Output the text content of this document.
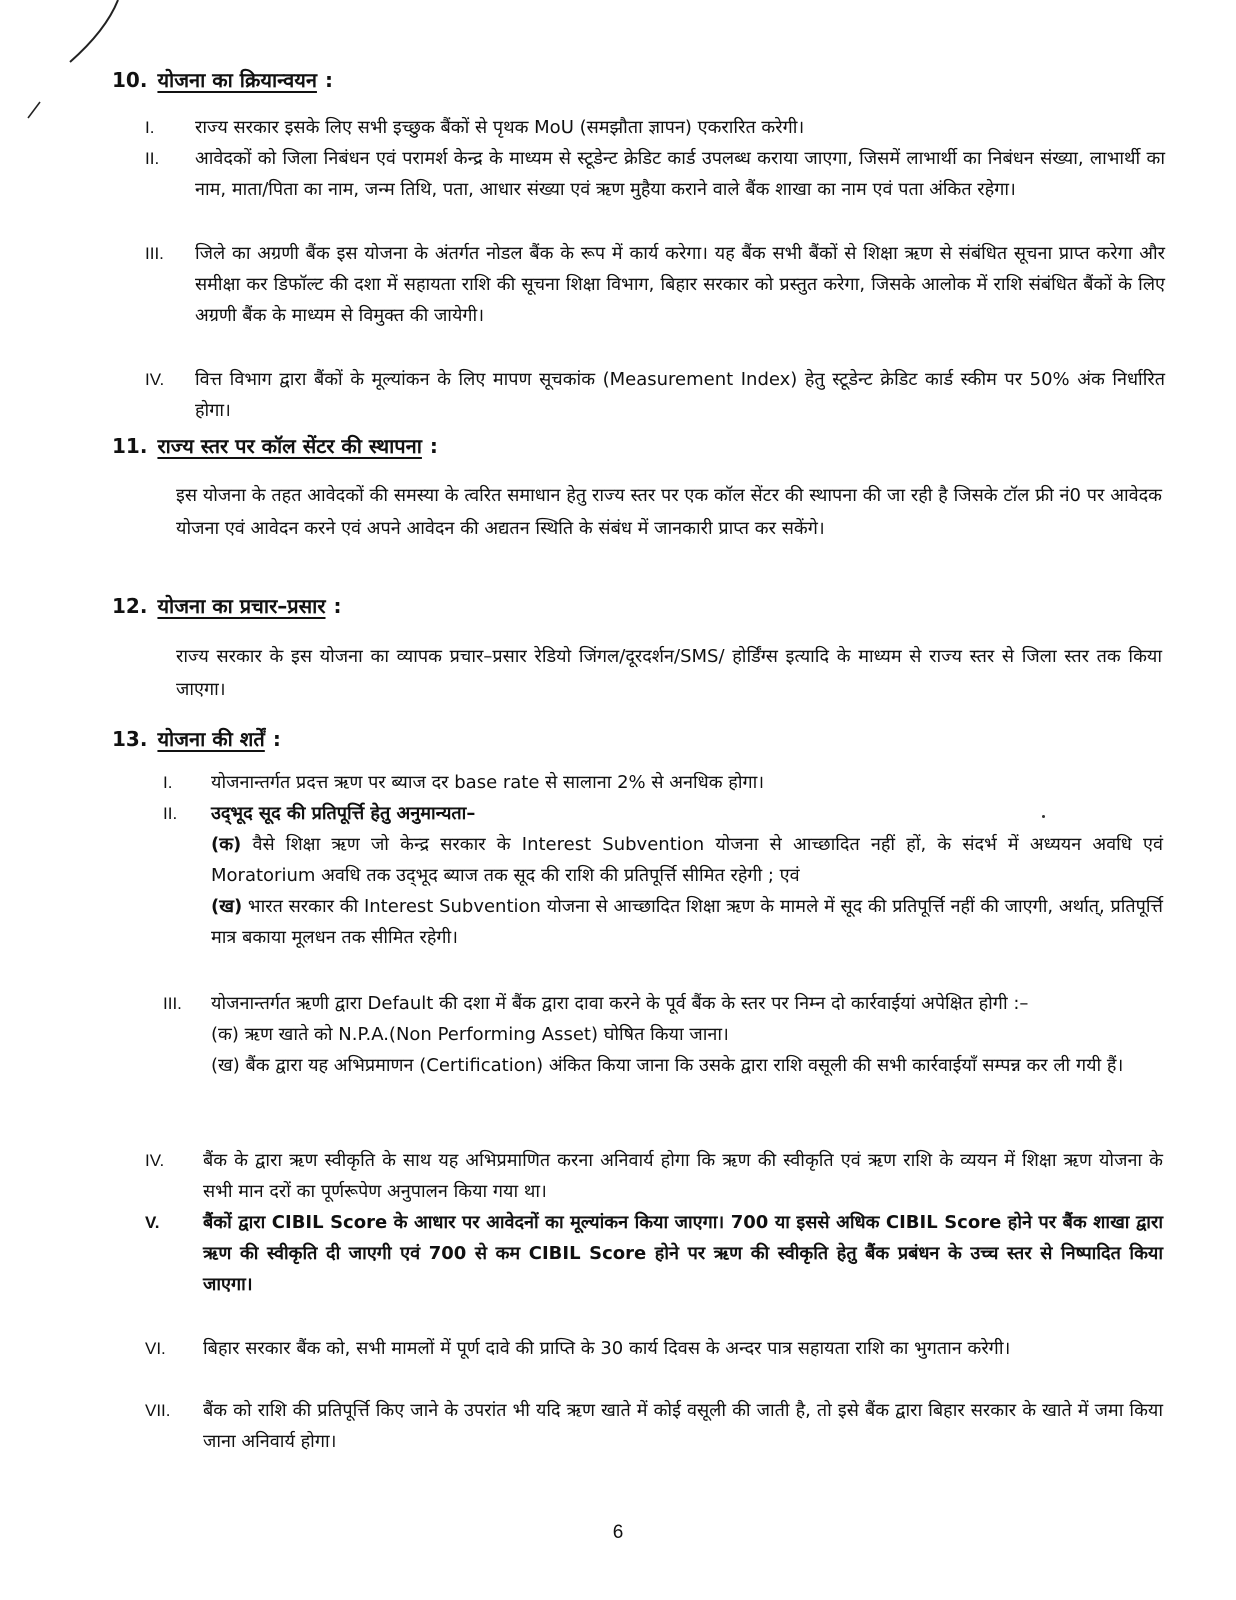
10. योजना का क्रियान्वयन :
I.	राज्य सरकार इसके लिए सभी इच्छुक बैंकों से पृथक MoU (समझौता ज्ञापन) एकरारित करेगी।
II.	आवेदकों को जिला निबंधन एवं परामर्श केन्द्र के माध्यम से स्टूडेन्ट क्रेडिट कार्ड उपलब्ध कराया जाएगा, जिसमें लाभार्थी का निबंधन संख्या, लाभार्थी का नाम, माता/पिता का नाम, जन्म तिथि, पता, आधार संख्या एवं ऋण मुहैया कराने वाले बैंक शाखा का नाम एवं पता अंकित रहेगा।
III.	जिले का अग्रणी बैंक इस योजना के अंतर्गत नोडल बैंक के रूप में कार्य करेगा। यह बैंक सभी बैंकों से शिक्षा ऋण से संबंधित सूचना प्राप्त करेगा और समीक्षा कर डिफॉल्ट की दशा में सहायता राशि की सूचना शिक्षा विभाग, बिहार सरकार को प्रस्तुत करेगा, जिसके आलोक में राशि संबंधित बैंकों के लिए अग्रणी बैंक के माध्यम से विमुक्त की जायेगी।
IV.	वित्त विभाग द्वारा बैंकों के मूल्यांकन के लिए मापण सूचकांक (Measurement Index) हेतु स्टूडेन्ट क्रेडिट कार्ड स्कीम पर 50% अंक निर्धारित होगा।
11. राज्य स्तर पर कॉल सेंटर की स्थापना :
इस योजना के तहत आवेदकों की समस्या के त्वरित समाधान हेतु राज्य स्तर पर एक कॉल सेंटर की स्थापना की जा रही है जिसके टॉल फ्री नं0 पर आवेदक योजना एवं आवेदन करने एवं अपने आवेदन की अद्यतन स्थिति के संबंध में जानकारी प्राप्त कर सकेंगे।
12. योजना का प्रचार–प्रसार :
राज्य सरकार के इस योजना का व्यापक प्रचार–प्रसार रेडियो जिंगल/दूरदर्शन/SMS/ होर्डिंग्स इत्यादि के माध्यम से राज्य स्तर से जिला स्तर तक किया जाएगा।
13. योजना की शर्तें :
I.	योजनान्तर्गत प्रदत्त ऋण पर ब्याज दर base rate से सालाना 2% से अनधिक होगा।
II.	उद्‌भूद सूद की प्रतिपूर्त्ति हेतु अनुमान्यता–
(क) वैसे शिक्षा ऋण जो केन्द्र सरकार के Interest Subvention योजना से आच्छादित नहीं हों, के संदर्भ में अध्ययन अवधि एवं Moratorium अवधि तक उद्‌भूद ब्याज तक सूद की राशि की प्रतिपूर्त्ति सीमित रहेगी ; एवं
(ख) भारत सरकार की Interest Subvention योजना से आच्छादित शिक्षा ऋण के मामले में सूद की प्रतिपूर्त्ति नहीं की जाएगी, अर्थात्, प्रतिपूर्त्ति मात्र बकाया मूलधन तक सीमित रहेगी।
III.	योजनान्तर्गत ऋणी द्वारा Default की दशा में बैंक द्वारा दावा करने के पूर्व बैंक के स्तर पर निम्न दो कार्रवाईयां अपेक्षित होगी :–
(क) ऋण खाते को N.P.A.(Non Performing Asset) घोषित किया जाना।
(ख) बैंक द्वारा यह अभिप्रमाणन (Certification) अंकित किया जाना कि उसके द्वारा राशि वसूली की सभी कार्रवाईयाँ सम्पन्न कर ली गयी हैं।
IV.	बैंक के द्वारा ऋण स्वीकृति के साथ यह अभिप्रमाणित करना अनिवार्य होगा कि ऋण की स्वीकृति एवं ऋण राशि के व्ययन में शिक्षा ऋण योजना के सभी मान दरों का पूर्णरूपेण अनुपालन किया गया था।
V.	बैंकों द्वारा CIBIL Score के आधार पर आवेदनों का मूल्यांकन किया जाएगा। 700 या इससे अधिक CIBIL Score होने पर बैंक शाखा द्वारा ऋण की स्वीकृति दी जाएगी एवं 700 से कम CIBIL Score होने पर ऋण की स्वीकृति हेतु बैंक प्रबंधन के उच्च स्तर से निष्पादित किया जाएगा।
VI.	बिहार सरकार बैंक को, सभी मामलों में पूर्ण दावे की प्राप्ति के 30 कार्य दिवस के अन्दर पात्र सहायता राशि का भुगतान करेगी।
VII.	बैंक को राशि की प्रतिपूर्त्ति किए जाने के उपरांत भी यदि ऋण खाते में कोई वसूली की जाती है, तो इसे बैंक द्वारा बिहार सरकार के खाते में जमा किया जाना अनिवार्य होगा।
6
